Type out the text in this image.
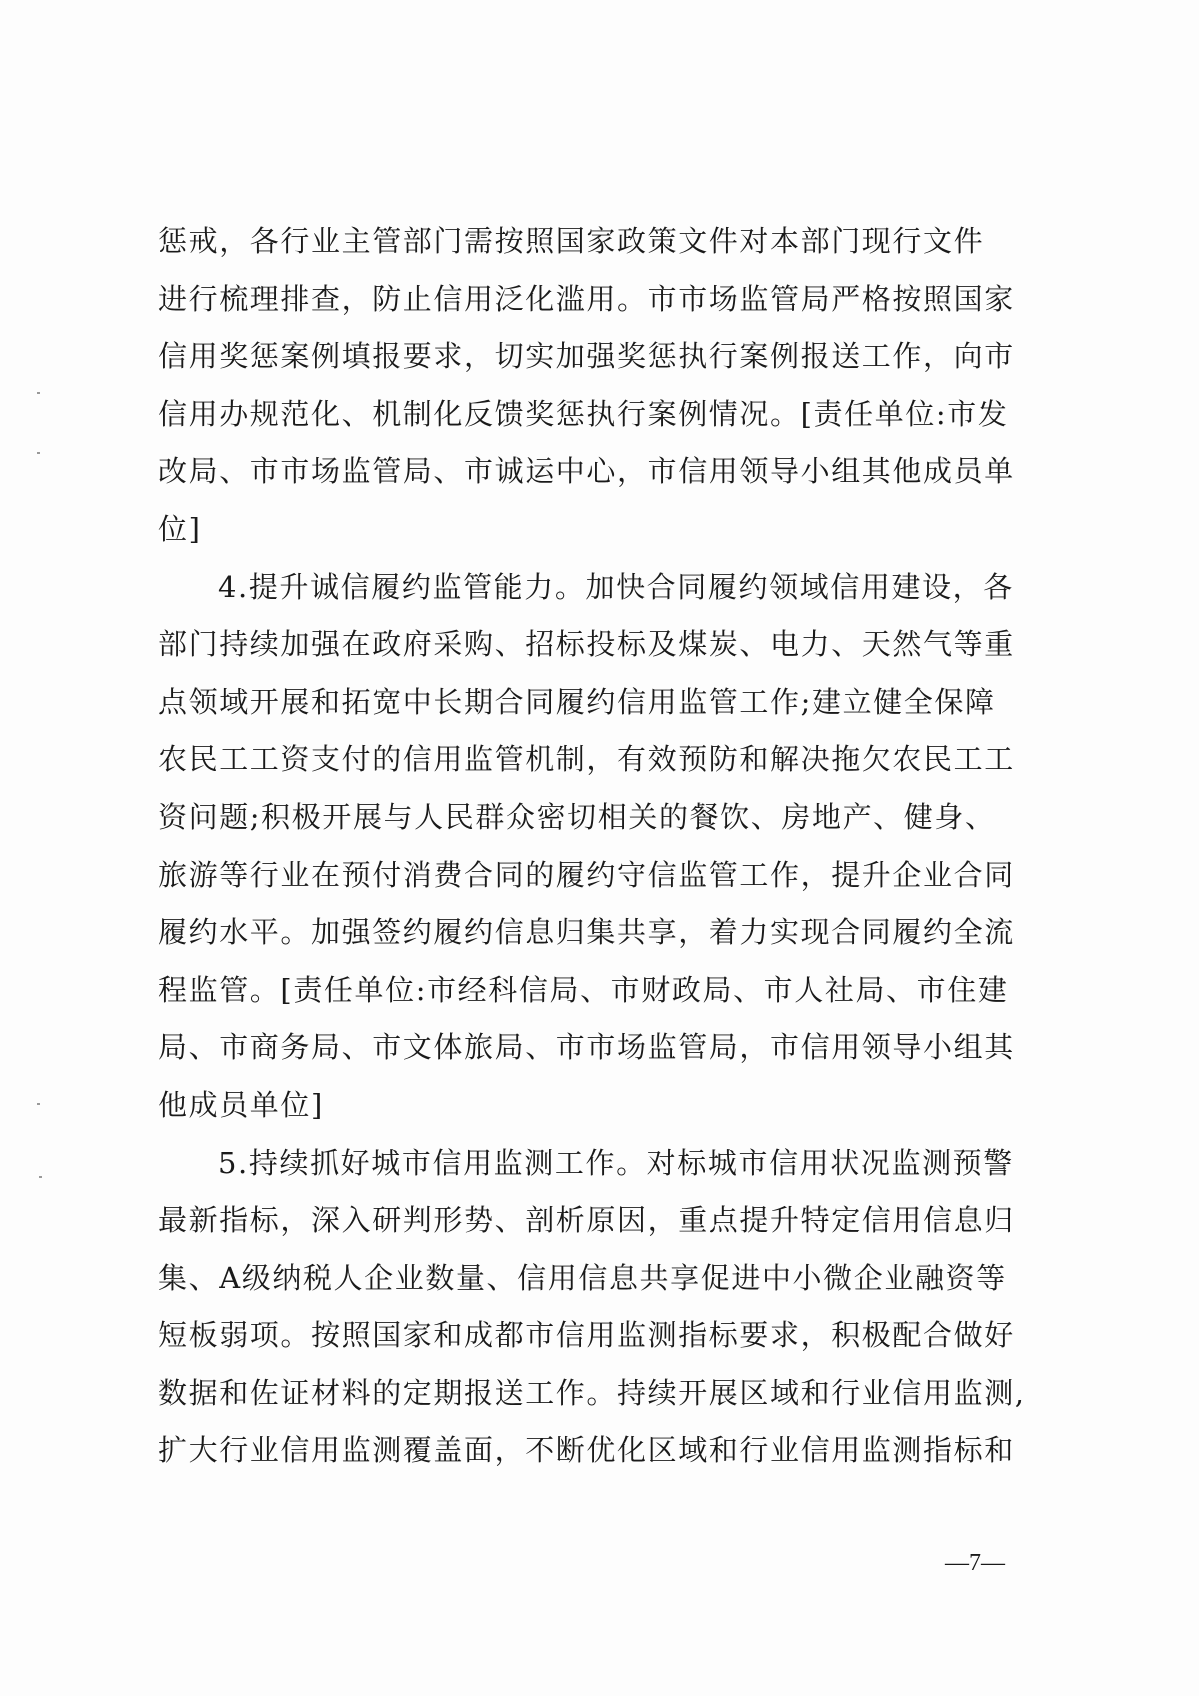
惩戒，各行业主管部门需按照国家政策文件对本部门现行文件
进行梳理排查，防止信用泛化滥用。市市场监管局严格按照国家
信用奖惩案例填报要求，切实加强奖惩执行案例报送工作，向市
信用办规范化、机制化反馈奖惩执行案例情况。[责任单位:市发
改局、市市场监管局、市诚运中心，市信用领导小组其他成员单
位]
4.提升诚信履约监管能力。加快合同履约领域信用建设，各
部门持续加强在政府采购、招标投标及煤炭、电力、天然气等重
点领域开展和拓宽中长期合同履约信用监管工作;建立健全保障
农民工工资支付的信用监管机制，有效预防和解决拖欠农民工工
资问题;积极开展与人民群众密切相关的餐饮、房地产、健身、
旅游等行业在预付消费合同的履约守信监管工作，提升企业合同
履约水平。加强签约履约信息归集共享，着力实现合同履约全流
程监管。[责任单位:市经科信局、市财政局、市人社局、市住建
局、市商务局、市文体旅局、市市场监管局，市信用领导小组其
他成员单位]
5.持续抓好城市信用监测工作。对标城市信用状况监测预警
最新指标，深入研判形势、剖析原因，重点提升特定信用信息归
集、A级纳税人企业数量、信用信息共享促进中小微企业融资等
短板弱项。按照国家和成都市信用监测指标要求，积极配合做好
数据和佐证材料的定期报送工作。持续开展区域和行业信用监测,
扩大行业信用监测覆盖面，不断优化区域和行业信用监测指标和
—7—
